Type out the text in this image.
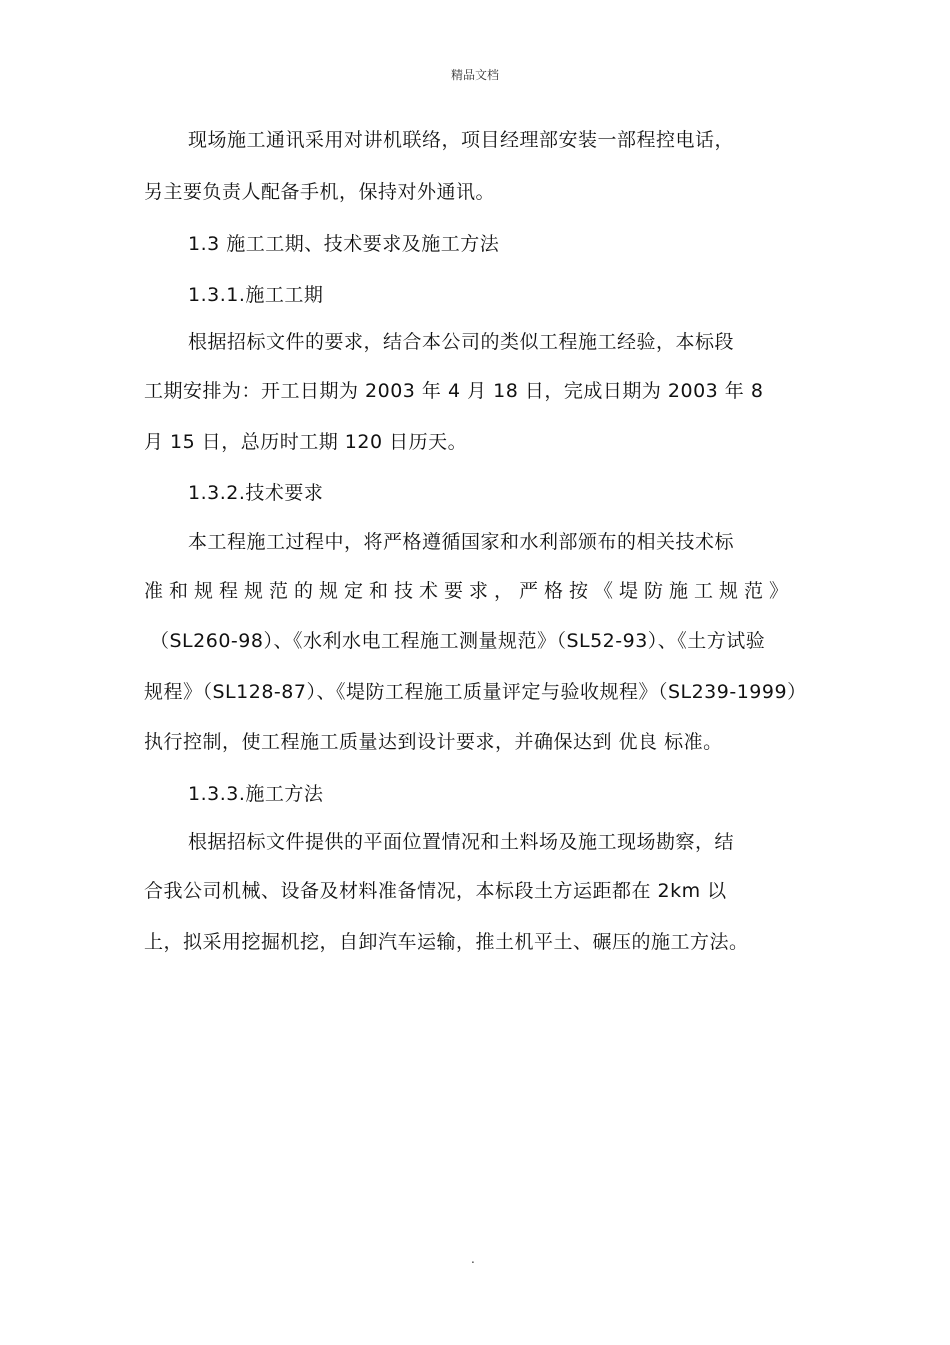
精品文档
现场施工通讯采用对讲机联络，项目经理部安装一部程控电话，
另主要负责人配备手机，保持对外通讯。
1.3 施工工期、技术要求及施工方法
1.3.1.施工工期
根据招标文件的要求，结合本公司的类似工程施工经验，本标段
工期安排为：开工日期为 2003 年 4 月 18 日，完成日期为 2003 年 8
月 15 日，总历时工期 120 日历天。
1.3.2.技术要求
本工程施工过程中，将严格遵循国家和水利部颁布的相关技术标
准和规程规范的规定和技术要求，严格按《堤防施工规范》
（SL260-98）、《水利水电工程施工测量规范》（SL52-93）、《土方试验
规程》（SL128-87）、《堤防工程施工质量评定与验收规程》（SL239-1999）
执行控制，使工程施工质量达到设计要求，并确保达到 优良 标准。
1.3.3.施工方法
根据招标文件提供的平面位置情况和土料场及施工现场勘察，结
合我公司机械、设备及材料准备情况，本标段土方运距都在 2km 以
上，拟采用挖掘机挖，自卸汽车运输，推土机平土、碾压的施工方法。
.
